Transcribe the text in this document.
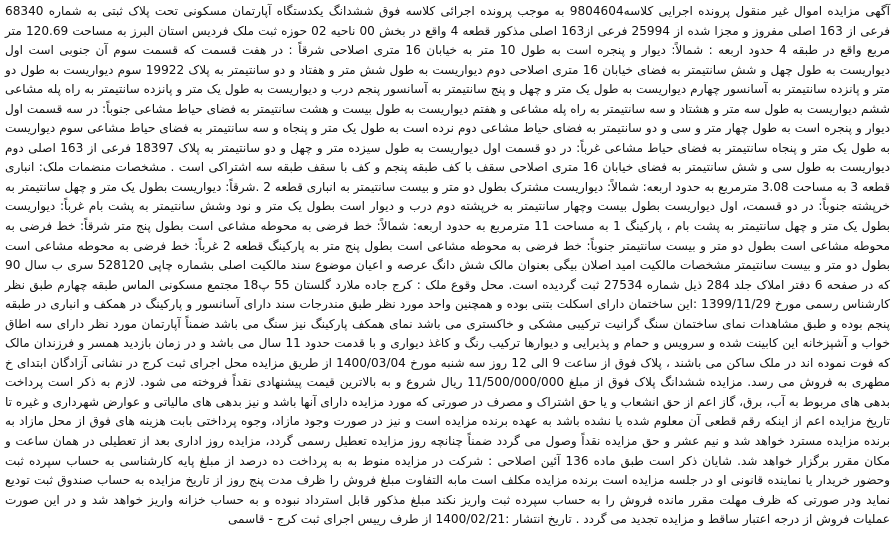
آگهی مزایده اموال غیر منقول پرونده اجرایی کلاسه9804604 به موجب پرونده اجرائی کلاسه فوق ششدانگ یکدستگاه آپارتمان مسکونی تحت پلاک ثبتی به شماره 68340 فرعی از 163 اصلی مفروز و مجزا شده از 25994 فرعی از163 اصلی مذکور قطعه 4 واقع در بخش 00 ناحیه 02 حوزه ثبت ملک فردیس استان البرز به مساحت 120.69 متر مربع واقع در طبقه 4 حدود اربعه : شمالاً: دیوار و پنجره است به طول 10 متر به خیابان 16 متری اصلاحی شرقاً : در هفت قسمت که قسمت سوم آن جنوبی است اول دیواریست به طول چهل و شش سانتیمتر به فضای خیابان 16 متری اصلاحی دوم دیواریست به طول شش متر و هفتاد و دو سانتیمتر به پلاک 19922 سوم دیواریست به طول دو متر و پانزده سانتیمتر به آسانسور چهارم دیواریست به طول یک متر و چهل و پنج سانتیمتر به آسانسور پنجم درب و دیواریست به طول یک متر و پانزده سانتیمتر به راه پله مشاعی ششم دیواریست به طول سه متر و هشتاد و سه سانتیمتر به راه پله مشاعی و هفتم دیواریست به طول بیست و هشت سانتیمتر به فضای حیاط مشاعی جنوباً: در سه قسمت اول دیوار و پنجره است به طول چهار متر و سی و دو سانتیمتر به فضای حیاط مشاعی دوم نرده است به طول یک متر و پنجاه و سه سانتیمتر به فضای حیاط مشاعی سوم دیواریست به طول یک متر و پنجاه سانتیمتر به فضای حیاط مشاعی غرباً: در دو قسمت اول دیواریست به طول سیزده متر و چهل و دو سانتیمتر به پلاک 18397 فرعی از 163 اصلی دوم دیواریست به طول سی و شش سانتیمتر به فضای خیابان 16 متری اصلاحی سقف با کف طبقه پنجم و کف با سقف طبقه سه اشتراکی است . مشخصات منضمات ملک: انباری قطعه 3 به مساحت 3.08 مترمربع به حدود اربعه: شمالاً: دیواریست مشترک بطول دو متر و بیست سانتیمتر به انباری قطعه 2 .شرقاً: دیواریست بطول یک متر و چهل سانتیمتر به خرپشته جنوباً: در دو قسمت، اول دیواریست بطول بیست وچهار سانتیمتر به خرپشته دوم درب و دیوار است بطول یک متر و نود وشش سانتیمتر به پشت بام غرباً: دیواریست بطول یک متر و چهل سانتیمتر به پشت بام ، پارکینگ 1 به مساحت 11 مترمربع به حدود اربعه: شمالاً: خط فرضی به محوطه مشاعی است بطول پنج متر شرقاً: خط فرضی به محوطه مشاعی است بطول دو متر و بیست سانتیمتر جنوباً: خط فرضی به محوطه مشاعی است بطول پنج متر به پارکینگ قطعه 2 غرباً: خط فرضی به محوطه مشاعی است بطول دو متر و بیست سانتیمتر مشخصات مالکیت امید اصلان بیگی بعنوان مالک شش دانگ عرصه و اعیان موضوع سند مالکیت اصلی بشماره چاپی 528120 سری ب سال 90 که در صفحه 6 دفتر املاک جلد 284 ذیل شماره 27534 ثبت گردیده است. محل وقوع ملک : کرج جاده ملارد گلستان 55 پ18 مجتمع مسکونی الماس طبقه چهارم طبق نظر کارشناس رسمی مورخ 1399/11/29 :این ساختمان دارای اسکلت بتنی بوده و همچنین واحد مورد نظر طبق مندرجات سند دارای آسانسور و پارکینگ در همکف و انباری در طبقه پنجم بوده و طبق مشاهدات نمای ساختمان سنگ گرانیت ترکیبی مشکی و خاکستری می باشد نمای همکف پارکینگ نیز سنگ می باشد ضمناً آپارتمان مورد نظر دارای سه اطاق خواب و آشپزخانه این کابینت شده و سرویس و حمام و پذیرایی و دیوارها ترکیب رنگ و کاغذ دیواری و با قدمت حدود 11 سال می باشد و در زمان بازدید همسر و فرزندان مالک که فوت نموده اند در ملک ساکن می باشند ، پلاک فوق از ساعت 9 الی 12 روز سه شنبه مورخ 1400/03/04 از طریق مزایده محل اجرای ثبت کرج در نشانی آزادگان ابتدای خ مطهری به فروش می رسد. مزایده ششدانگ پلاک فوق از مبلغ 11/500/000/000 ریال شروع و به بالاترین قیمت پیشنهادی نقداً فروخته می شود. لازم به ذکر است پرداخت بدهی های مربوط به آب، برق، گاز اعم از حق انشعاب و یا حق اشتراک و مصرف در صورتی که مورد مزایده دارای آنها باشد و نیز بدهی های مالیاتی و عوارض شهرداری و غیره تا تاریخ مزایده اعم از اینکه رقم قطعی آن معلوم شده یا نشده باشد به عهده برنده مزایده است و نیز در صورت وجود مازاد، وجوه پرداختی بابت هزینه های فوق از محل مازاد به برنده مزایده مسترد خواهد شد و نیم عشر و حق مزایده نقداً وصول می گردد ضمناً چنانچه روز مزایده تعطیل رسمی گردد، مزایده روز اداری بعد از تعطیلی در همان ساعت و مکان مقرر برگزار خواهد شد. شایان ذکر است طبق ماده 136 آئین اصلاحی : شرکت در مزایده منوط به به پرداخت ده درصد از مبلغ پایه کارشناسی به حساب سپرده ثبت وحضور خریدار یا نماینده قانونی او در جلسه مزایده است برنده مزایده مکلف است مابه التفاوت مبلغ فروش را ظرف مدت پنج روز از تاریخ مزایده به حساب صندوق ثبت تودیع نماید ودر صورتی که ظرف مهلت مقرر مانده فروش را به حساب سپرده ثبت واریز نکند مبلغ مذکور قابل استرداد نبوده و به حساب خزانه واریز خواهد شد و در این صورت عملیات فروش از درجه اعتبار ساقط و مزایده تجدید می گردد . تاریخ انتشار :1400/02/21 از طرف رییس اجرای ثبت کرج - قاسمی
